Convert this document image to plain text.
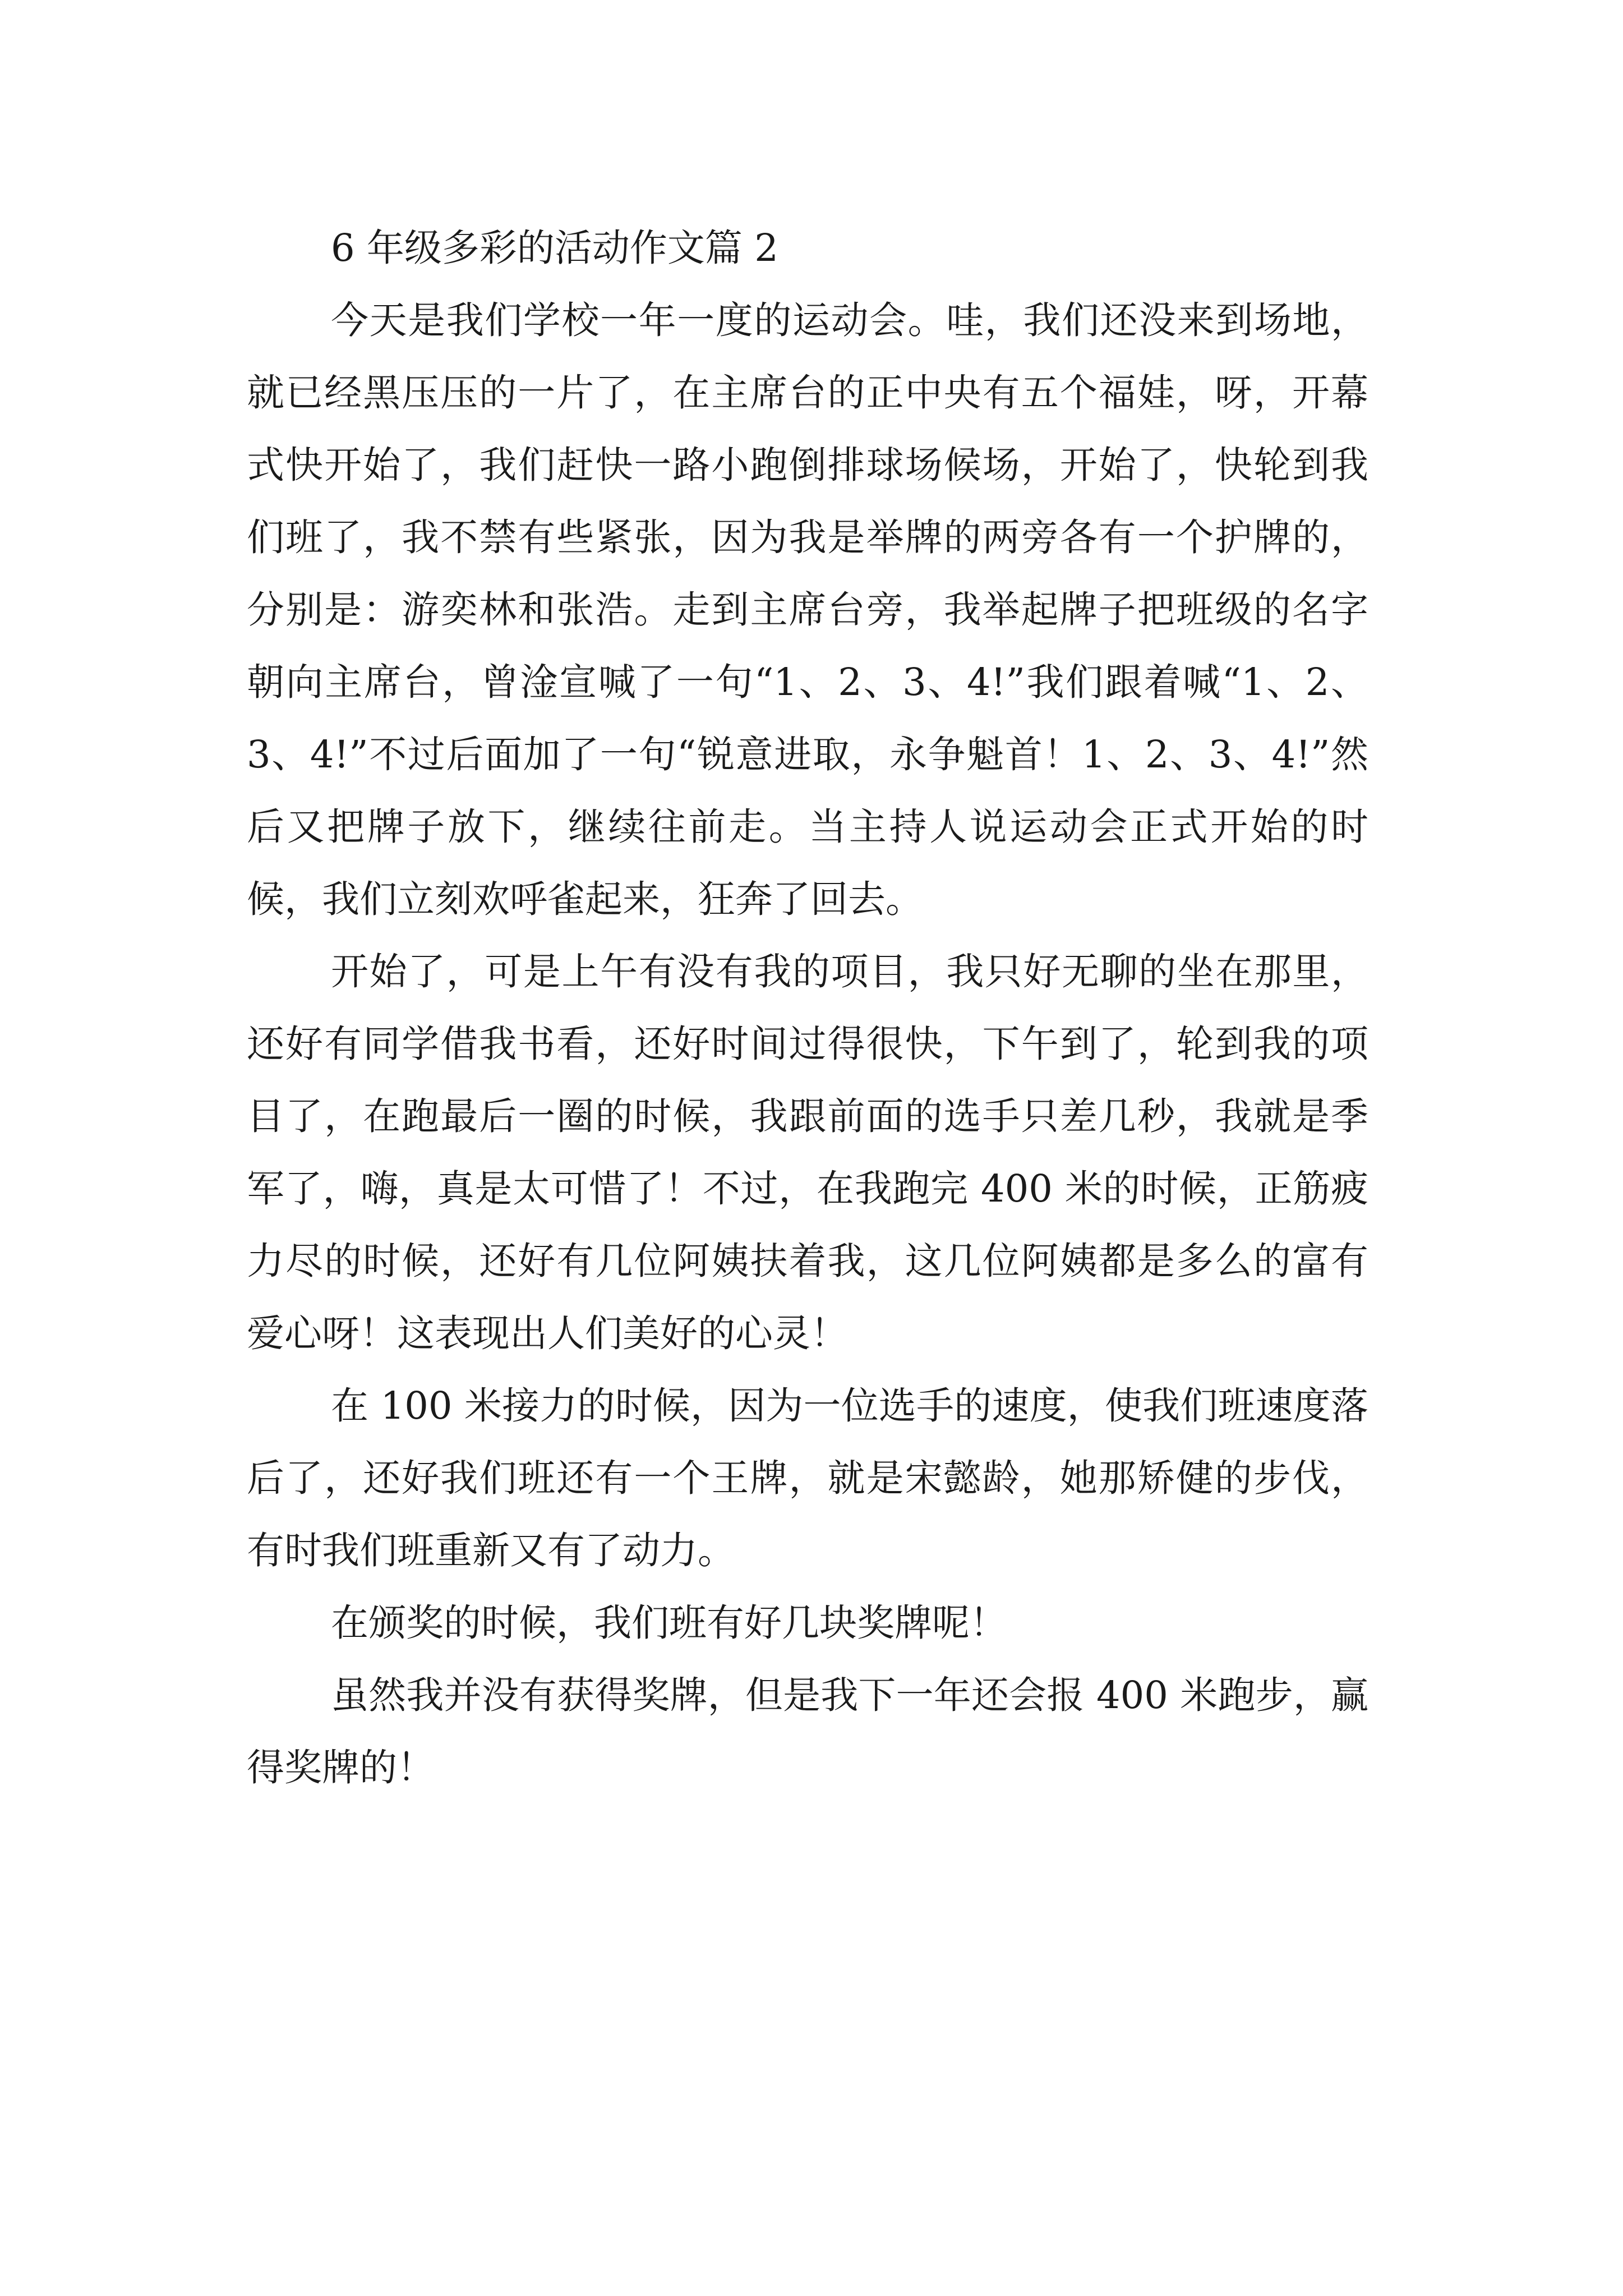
6 年级多彩的活动作文篇 2

今天是我们学校一年一度的运动会。哇，我们还没来到场地，就已经黑压压的一片了，在主席台的正中央有五个福娃，呀，开幕式快开始了，我们赶快一路小跑倒排球场候场，开始了，快轮到我们班了，我不禁有些紧张，因为我是举牌的两旁各有一个护牌的，分别是：游奕林和张浩。走到主席台旁，我举起牌子把班级的名字朝向主席台，曾淦宣喊了一句“1、2、3、4!”我们跟着喊“1、2、3、4!”不过后面加了一句“锐意进取，永争魁首！1、2、3、4!”然后又把牌子放下，继续往前走。当主持人说运动会正式开始的时候，我们立刻欢呼雀起来，狂奔了回去。

开始了，可是上午有没有我的项目，我只好无聊的坐在那里，还好有同学借我书看，还好时间过得很快，下午到了，轮到我的项目了，在跑最后一圈的时候，我跟前面的选手只差几秒，我就是季军了，嗨，真是太可惜了！不过，在我跑完 400 米的时候，正筋疲力尽的时候，还好有几位阿姨扶着我，这几位阿姨都是多么的富有爱心呀！这表现出人们美好的心灵！

在 100 米接力的时候，因为一位选手的速度，使我们班速度落后了，还好我们班还有一个王牌，就是宋懿龄，她那矫健的步伐，有时我们班重新又有了动力。

在颁奖的时候，我们班有好几块奖牌呢！

虽然我并没有获得奖牌，但是我下一年还会报 400 米跑步，赢得奖牌的！
